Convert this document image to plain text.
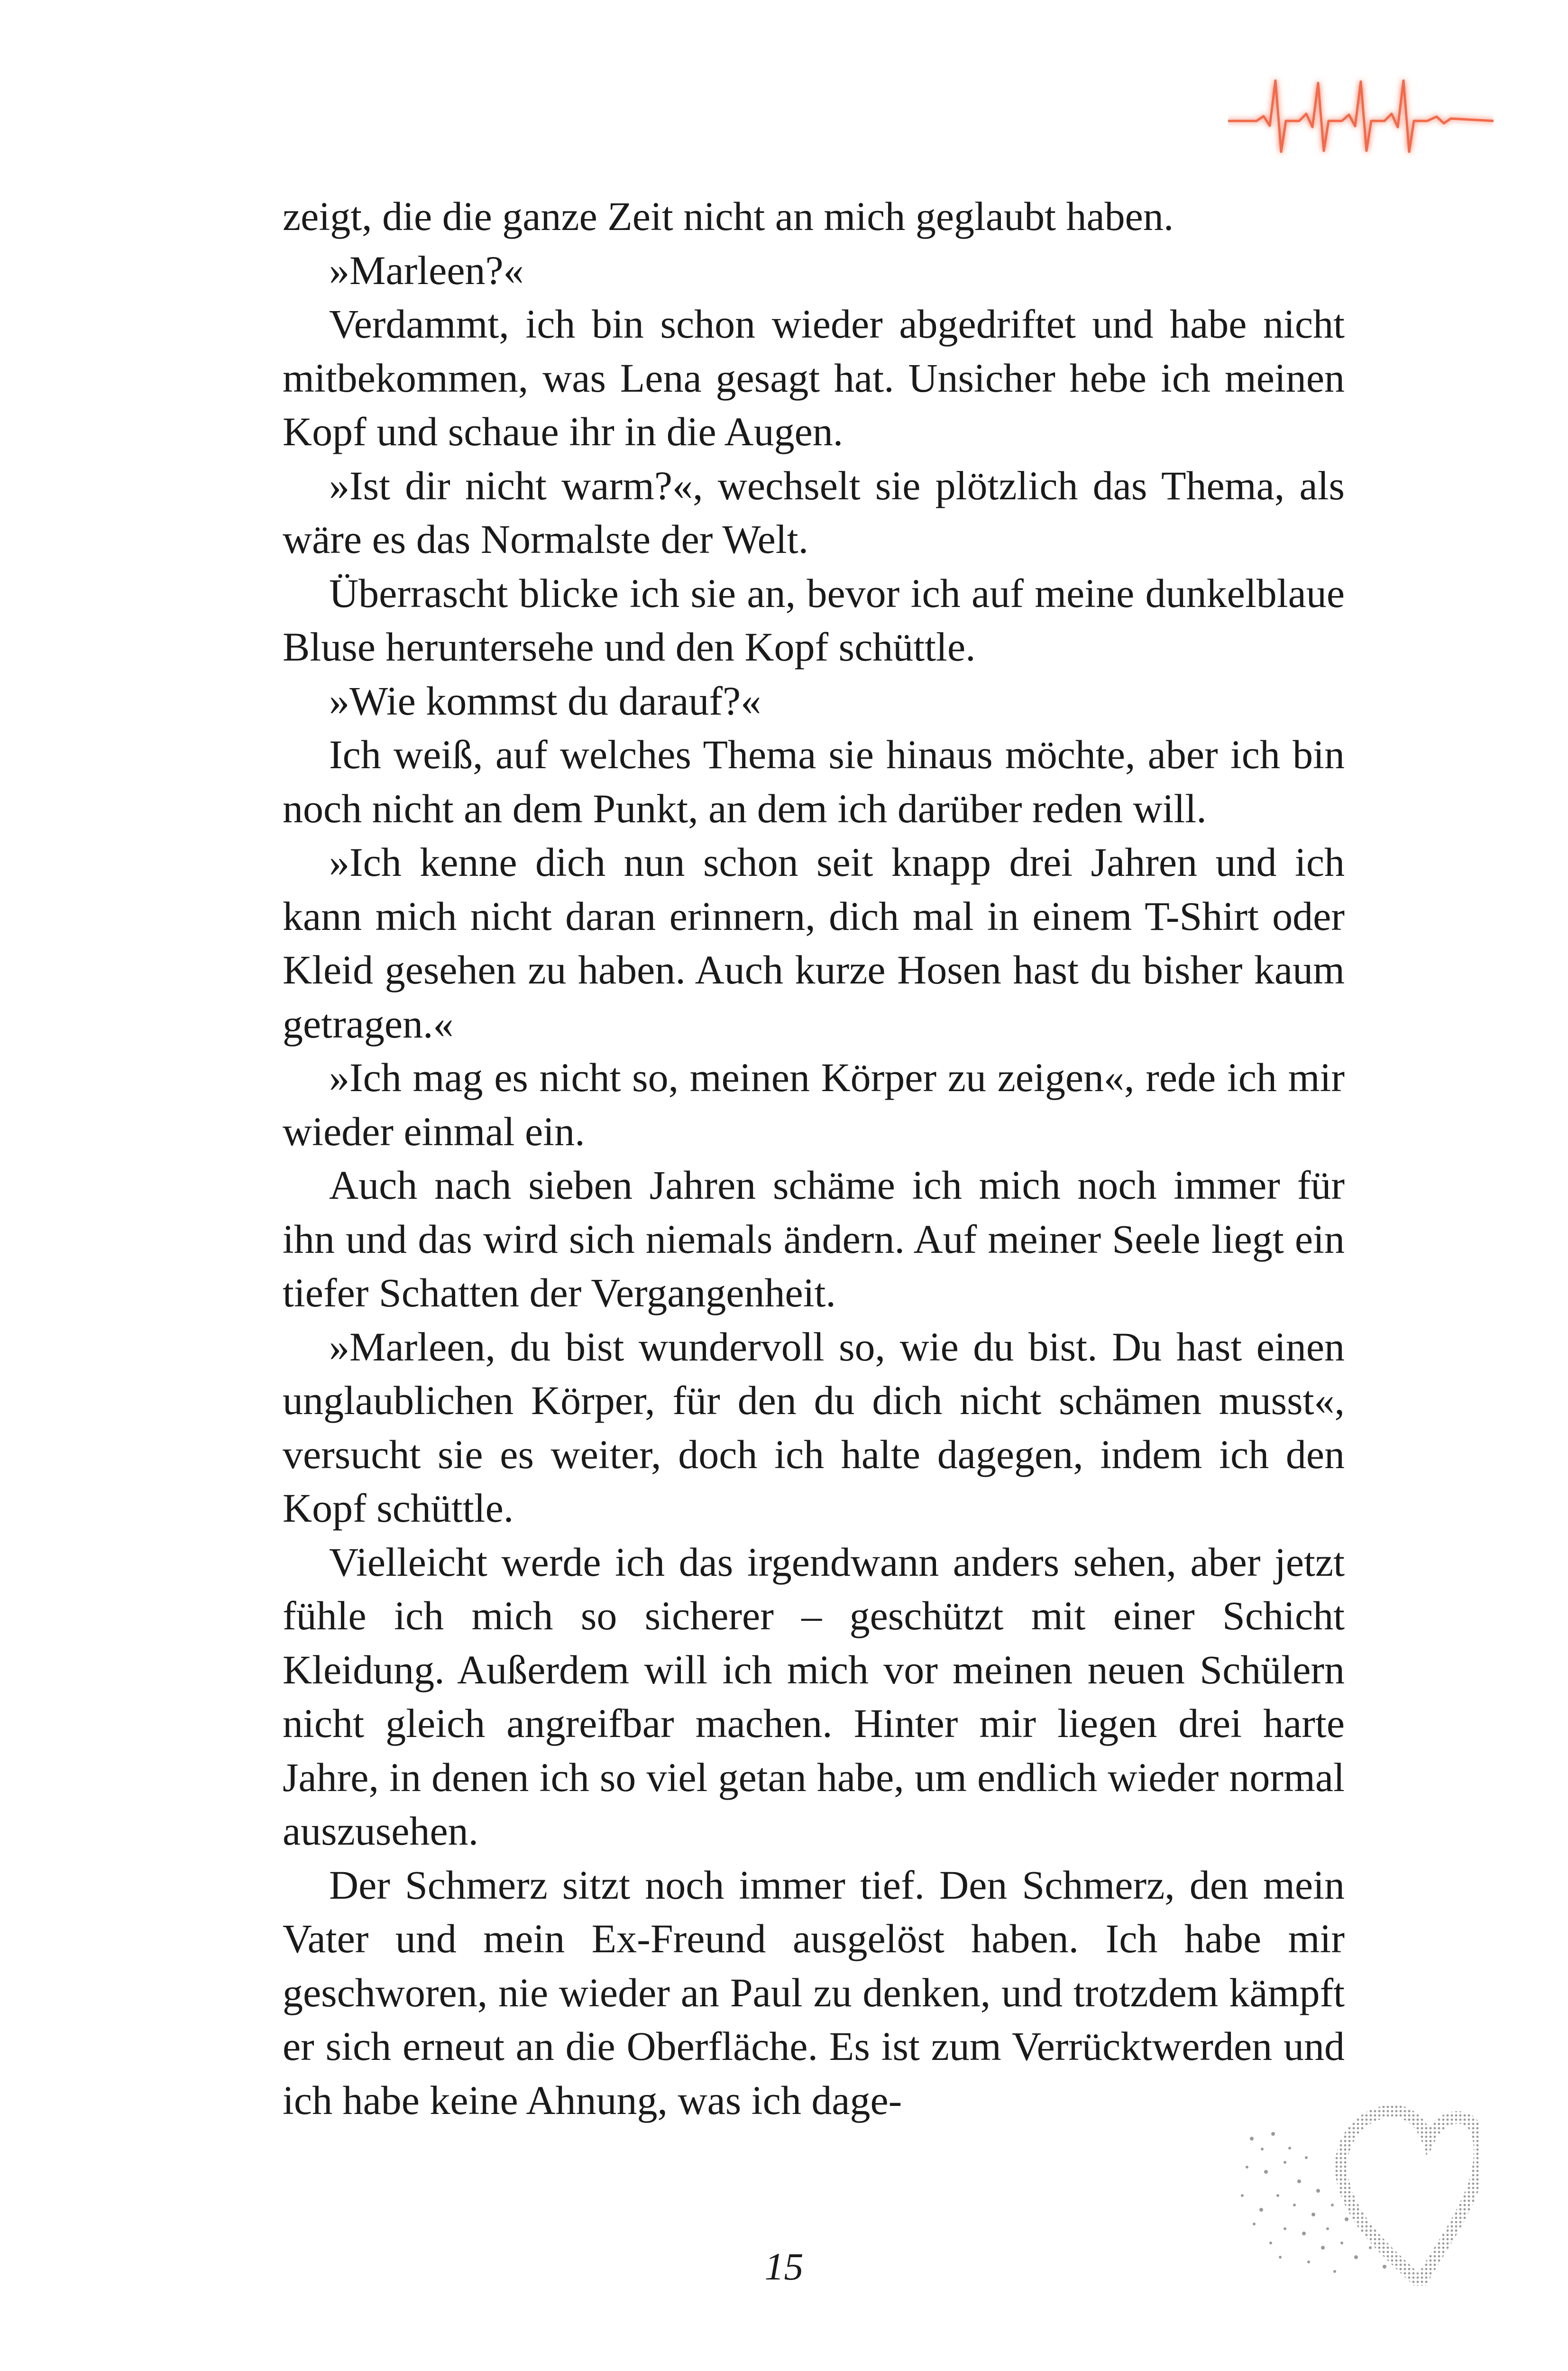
zeigt, die die ganze Zeit nicht an mich geglaubt haben.

»Marleen?«

Verdammt, ich bin schon wieder abgedriftet und habe nicht mitbekommen, was Lena gesagt hat. Unsicher hebe ich meinen Kopf und schaue ihr in die Augen.

»Ist dir nicht warm?«, wechselt sie plötzlich das Thema, als wäre es das Normalste der Welt.

Überrascht blicke ich sie an, bevor ich auf meine dunkelblaue Bluse heruntersehe und den Kopf schüttle.

»Wie kommst du darauf?«

Ich weiß, auf welches Thema sie hinaus möchte, aber ich bin noch nicht an dem Punkt, an dem ich darüber reden will.

»Ich kenne dich nun schon seit knapp drei Jahren und ich kann mich nicht daran erinnern, dich mal in einem T-Shirt oder Kleid gesehen zu haben. Auch kurze Hosen hast du bisher kaum getragen.«

»Ich mag es nicht so, meinen Körper zu zeigen«, rede ich mir wieder einmal ein.

Auch nach sieben Jahren schäme ich mich noch immer für ihn und das wird sich niemals ändern. Auf meiner Seele liegt ein tiefer Schatten der Vergangenheit.

»Marleen, du bist wundervoll so, wie du bist. Du hast einen unglaublichen Körper, für den du dich nicht schämen musst«, versucht sie es weiter, doch ich halte dagegen, indem ich den Kopf schüttle.

Vielleicht werde ich das irgendwann anders sehen, aber jetzt fühle ich mich so sicherer – geschützt mit einer Schicht Kleidung. Außerdem will ich mich vor meinen neuen Schülern nicht gleich angreifbar machen. Hinter mir liegen drei harte Jahre, in denen ich so viel getan habe, um endlich wieder normal auszusehen.

Der Schmerz sitzt noch immer tief. Den Schmerz, den mein Vater und mein Ex-Freund ausgelöst haben. Ich habe mir geschworen, nie wieder an Paul zu denken, und trotzdem kämpft er sich erneut an die Oberfläche. Es ist zum Verrücktwerden und ich habe keine Ahnung, was ich dage-

15
